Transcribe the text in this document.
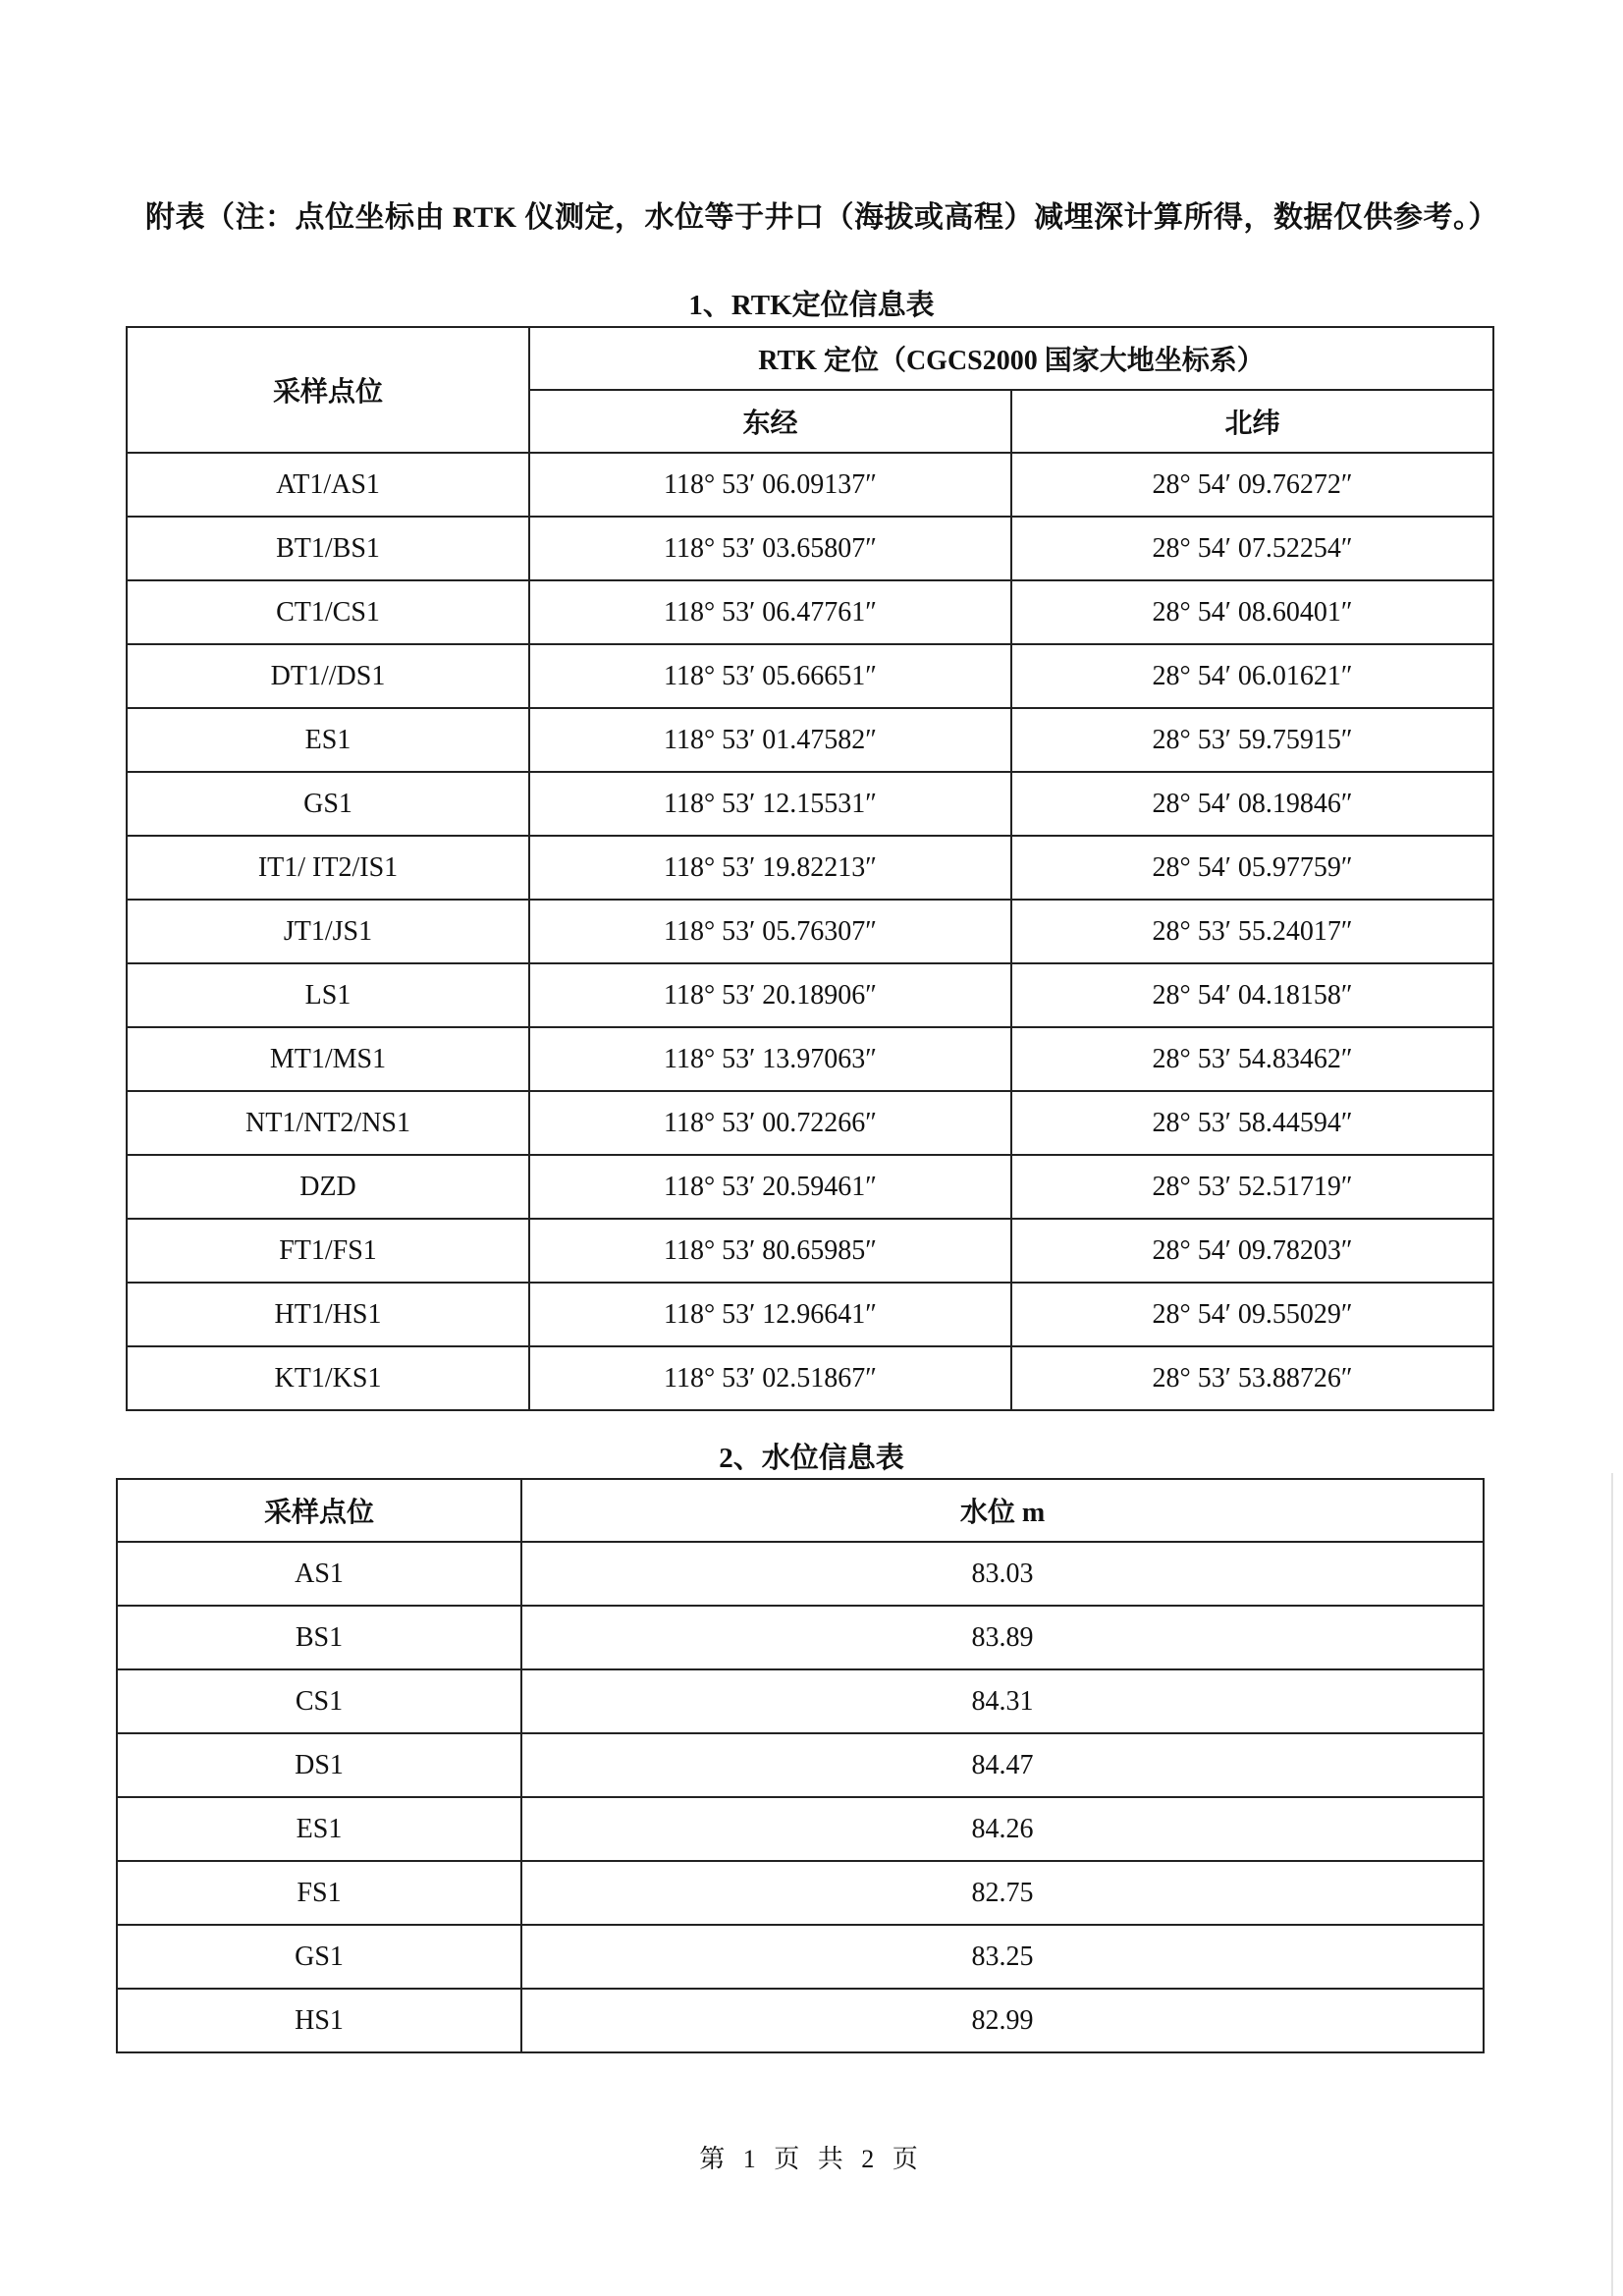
附表（注：点位坐标由 RTK 仪测定，水位等于井口（海拔或高程）减埋深计算所得，数据仅供参考。）
1、RTK定位信息表
采样点位	RTK 定位（CGCS2000 国家大地坐标系）	
	东经	北纬
AT1/AS1	118° 53′ 06.09137″	28° 54′ 09.76272″
BT1/BS1	118° 53′ 03.65807″	28° 54′ 07.52254″
CT1/CS1	118° 53′ 06.47761″	28° 54′ 08.60401″
DT1//DS1	118° 53′ 05.66651″	28° 54′ 06.01621″
ES1	118° 53′ 01.47582″	28° 53′ 59.75915″
GS1	118° 53′ 12.15531″	28° 54′ 08.19846″
IT1/ IT2/IS1	118° 53′ 19.82213″	28° 54′ 05.97759″
JT1/JS1	118° 53′ 05.76307″	28° 53′ 55.24017″
LS1	118° 53′ 20.18906″	28° 54′ 04.18158″
MT1/MS1	118° 53′ 13.97063″	28° 53′ 54.83462″
NT1/NT2/NS1	118° 53′ 00.72266″	28° 53′ 58.44594″
DZD	118° 53′ 20.59461″	28° 53′ 52.51719″
FT1/FS1	118° 53′ 80.65985″	28° 54′ 09.78203″
HT1/HS1	118° 53′ 12.96641″	28° 54′ 09.55029″
KT1/KS1	118° 53′ 02.51867″	28° 53′ 53.88726″
2、水位信息表
采样点位	水位 m
AS1	83.03
BS1	83.89
CS1	84.31
DS1	84.47
ES1	84.26
FS1	82.75
GS1	83.25
HS1	82.99
第 1 页 共 2 页
